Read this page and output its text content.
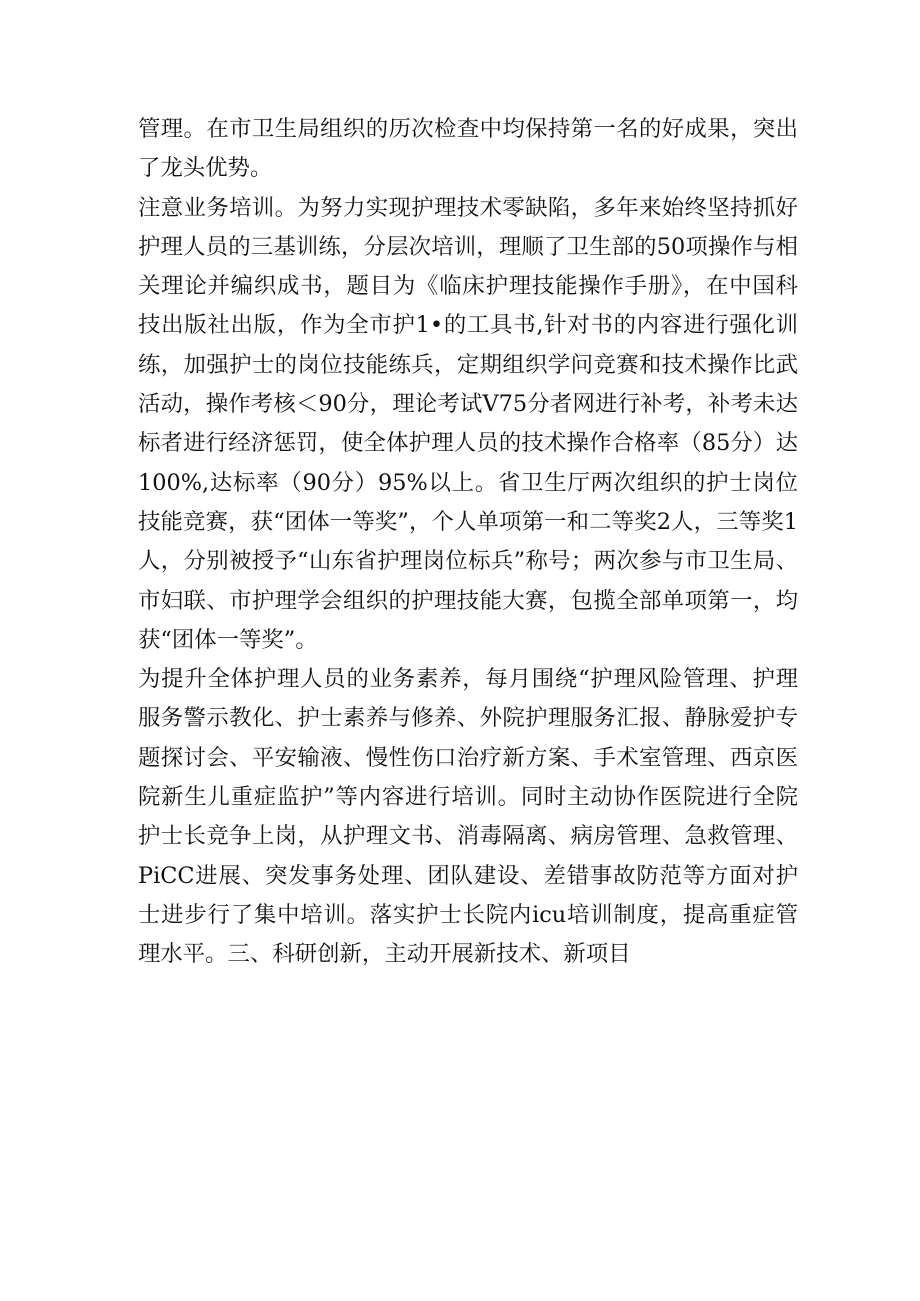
管理。在市卫生局组织的历次检查中均保持第一名的好成果，突出了龙头优势。

注意业务培训。为努力实现护理技术零缺陷，多年来始终坚持抓好护理人员的三基训练，分层次培训，理顺了卫生部的50项操作与相关理论并编织成书，题目为《临床护理技能操作手册》，在中国科技出版社出版，作为全市护1•的工具书,针对书的内容进行强化训练，加强护士的岗位技能练兵，定期组织学问竞赛和技术操作比武活动，操作考核＜90分，理论考试V75分者网进行补考，补考未达标者进行经济惩罚，使全体护理人员的技术操作合格率（85分）达100%,达标率（90分）95%以上。省卫生厅两次组织的护士岗位技能竞赛，获“团体一等奖”，个人单项第一和二等奖2人，三等奖1人，分别被授予“山东省护理岗位标兵”称号；两次参与市卫生局、市妇联、市护理学会组织的护理技能大赛，包揽全部单项第一，均获“团体一等奖”。

为提升全体护理人员的业务素养，每月围绕“护理风险管理、护理服务警示教化、护士素养与修养、外院护理服务汇报、静脉爱护专题探讨会、平安输液、慢性伤口治疗新方案、手术室管理、西京医院新生儿重症监护”等内容进行培训。同时主动协作医院进行全院护士长竞争上岗，从护理文书、消毒隔离、病房管理、急救管理、PiCC进展、突发事务处理、团队建设、差错事故防范等方面对护士进步行了集中培训。落实护士长院内icu培训制度，提高重症管理水平。三、科研创新，主动开展新技术、新项目
